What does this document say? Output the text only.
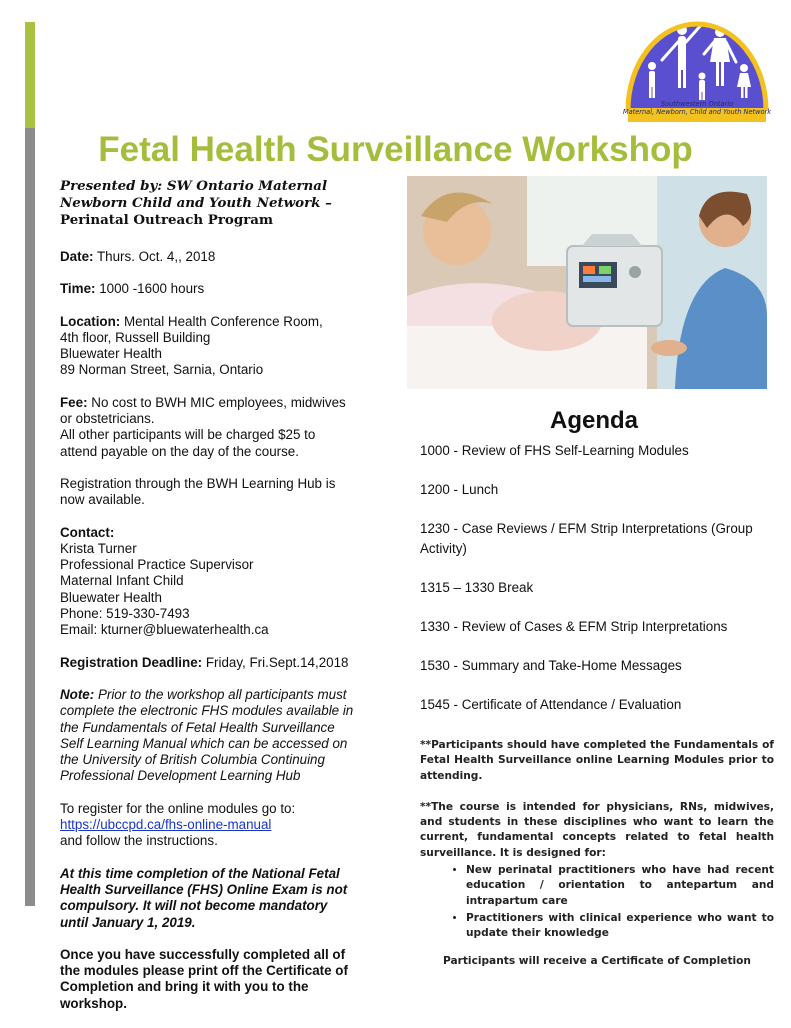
Southwestern Ontario
Maternal, Newborn, Child and Youth Network
Fetal Health Surveillance Workshop

Presented by: SW Ontario Maternal
Newborn Child and Youth Network –
Perinatal Outreach Program

Date: Thurs. Oct. 4,, 2018

Time: 1000 -1600 hours

Location: Mental Health Conference Room,
4th floor, Russell Building
Bluewater Health
89 Norman Street, Sarnia, Ontario

Fee: No cost to BWH MIC employees, midwives
or obstetricians.
All other participants will be charged $25 to
attend payable on the day of the course.

Registration through the BWH Learning Hub is
now available.

Contact:
Krista Turner
Professional Practice Supervisor
Maternal Infant Child
Bluewater Health
Phone: 519-330-7493
Email: kturner@bluewaterhealth.ca

Registration Deadline: Friday, Fri.Sept.14,2018

Note: Prior to the workshop all participants must
complete the electronic FHS modules available in
the Fundamentals of Fetal Health Surveillance
Self Learning Manual which can be accessed on
the University of British Columbia Continuing
Professional Development Learning Hub

To register for the online modules go to:
https://ubccpd.ca/fhs-online-manual
and follow the instructions.

At this time completion of the National Fetal
Health Surveillance (FHS) Online Exam is not
compulsory. It will not become mandatory
until January 1, 2019.

Once you have successfully completed all of
the modules please print off the Certificate of
Completion and bring it with you to the
workshop.

Agenda
1000 - Review of FHS Self-Learning Modules
1200 - Lunch
1230 - Case Reviews / EFM Strip Interpretations (Group Activity)
1315 – 1330 Break
1330 - Review of Cases & EFM Strip Interpretations
1530 - Summary and Take-Home Messages
1545 - Certificate of Attendance / Evaluation

**Participants should have completed the Fundamentals of Fetal Health Surveillance online Learning Modules prior to attending.

**The course is intended for physicians, RNs, midwives, and students in these disciplines who want to learn the current, fundamental concepts related to fetal health surveillance. It is designed for:

• New perinatal practitioners who have had recent education / orientation to antepartum and intrapartum care
• Practitioners with clinical experience who want to update their knowledge
Participants will receive a Certificate of Completion
